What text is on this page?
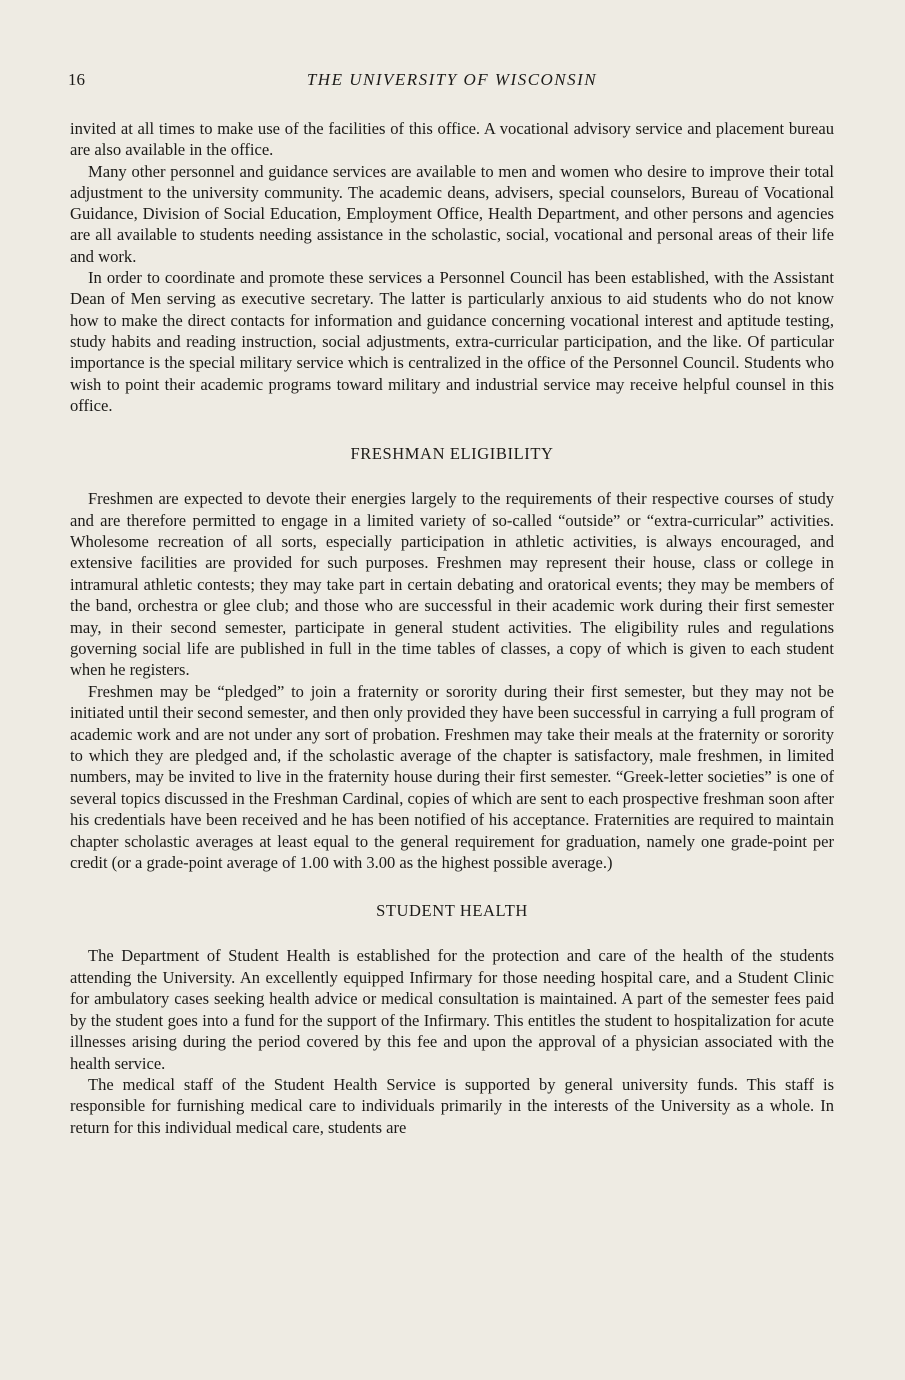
16	THE UNIVERSITY OF WISCONSIN

invited at all times to make use of the facilities of this office. A vocational advisory service and placement bureau are also available in the office.

Many other personnel and guidance services are available to men and women who desire to improve their total adjustment to the university community. The academic deans, advisers, special counselors, Bureau of Vocational Guidance, Division of Social Education, Employment Office, Health Department, and other persons and agencies are all available to students needing assistance in the scholastic, social, vocational and personal areas of their life and work.

In order to coordinate and promote these services a Personnel Council has been established, with the Assistant Dean of Men serving as executive secretary. The latter is particularly anxious to aid students who do not know how to make the direct contacts for information and guidance concerning vocational interest and aptitude testing, study habits and reading instruction, social adjustments, extra-curricular participation, and the like. Of particular importance is the special military service which is centralized in the office of the Personnel Council. Students who wish to point their academic programs toward military and industrial service may receive helpful counsel in this office.

FRESHMAN ELIGIBILITY

Freshmen are expected to devote their energies largely to the requirements of their respective courses of study and are therefore permitted to engage in a limited variety of so-called “outside” or “extra-curricular” activities. Wholesome recreation of all sorts, especially participation in athletic activities, is always encouraged, and extensive facilities are provided for such purposes. Freshmen may represent their house, class or college in intramural athletic contests; they may take part in certain debating and oratorical events; they may be members of the band, orchestra or glee club; and those who are successful in their academic work during their first semester may, in their second semester, participate in general student activities. The eligibility rules and regulations governing social life are published in full in the time tables of classes, a copy of which is given to each student when he registers.

Freshmen may be “pledged” to join a fraternity or sorority during their first semester, but they may not be initiated until their second semester, and then only provided they have been successful in carrying a full program of academic work and are not under any sort of probation. Freshmen may take their meals at the fraternity or sorority to which they are pledged and, if the scholastic average of the chapter is satisfactory, male freshmen, in limited numbers, may be invited to live in the fraternity house during their first semester. “Greek-letter societies” is one of several topics discussed in the Freshman Cardinal, copies of which are sent to each prospective freshman soon after his credentials have been received and he has been notified of his acceptance. Fraternities are required to maintain chapter scholastic averages at least equal to the general requirement for graduation, namely one grade-point per credit (or a grade-point average of 1.00 with 3.00 as the highest possible average.)

STUDENT HEALTH

The Department of Student Health is established for the protection and care of the health of the students attending the University. An excellently equipped Infirmary for those needing hospital care, and a Student Clinic for ambulatory cases seeking health advice or medical consultation is maintained. A part of the semester fees paid by the student goes into a fund for the support of the Infirmary. This entitles the student to hospitalization for acute illnesses arising during the period covered by this fee and upon the approval of a physician associated with the health service.

The medical staff of the Student Health Service is supported by general university funds. This staff is responsible for furnishing medical care to individuals primarily in the interests of the University as a whole. In return for this individual medical care, students are
